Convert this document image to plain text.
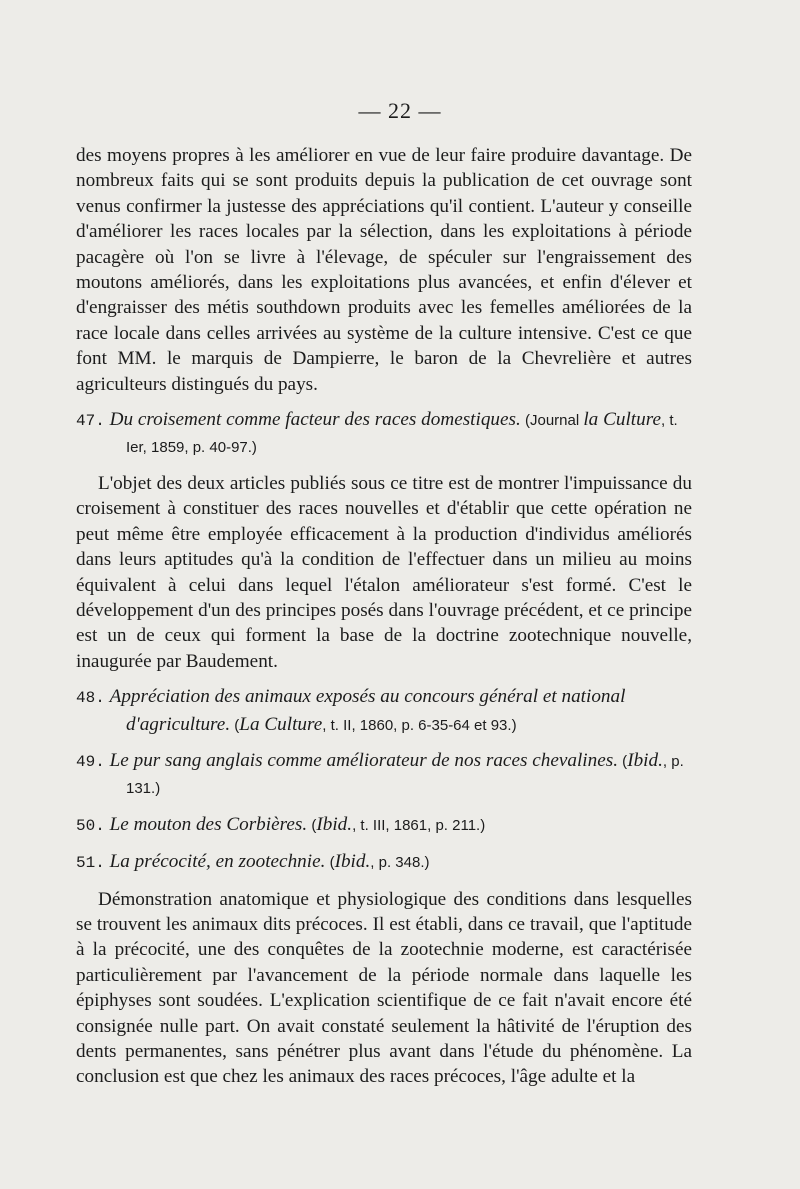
— 22 —

des moyens propres à les améliorer en vue de leur faire produire davantage. De nombreux faits qui se sont produits depuis la publication de cet ouvrage sont venus confirmer la justesse des appréciations qu'il contient. L'auteur y conseille d'améliorer les races locales par la sélection, dans les exploitations à période pacagère où l'on se livre à l'élevage, de spéculer sur l'engraissement des moutons améliorés, dans les exploitations plus avancées, et enfin d'élever et d'engraisser des métis southdown produits avec les femelles améliorées de la race locale dans celles arrivées au système de la culture intensive. C'est ce que font MM. le marquis de Dampierre, le baron de la Chevrelière et autres agriculteurs distingués du pays.

47. Du croisement comme facteur des races domestiques. (Journal la Culture, t. Ier, 1859, p. 40-97.)

L'objet des deux articles publiés sous ce titre est de montrer l'impuissance du croisement à constituer des races nouvelles et d'établir que cette opération ne peut même être employée efficacement à la production d'individus améliorés dans leurs aptitudes qu'à la condition de l'effectuer dans un milieu au moins équivalent à celui dans lequel l'étalon améliorateur s'est formé. C'est le développement d'un des principes posés dans l'ouvrage précédent, et ce principe est un de ceux qui forment la base de la doctrine zootechnique nouvelle, inaugurée par Baudement.

48. Appréciation des animaux exposés au concours général et national d'agriculture. (La Culture, t. II, 1860, p. 6-35-64 et 93.)

49. Le pur sang anglais comme améliorateur de nos races chevalines. (Ibid., p. 131.)

50. Le mouton des Corbières. (Ibid., t. III, 1861, p. 211.)

51. La précocité, en zootechnie. (Ibid., p. 348.)

Démonstration anatomique et physiologique des conditions dans lesquelles se trouvent les animaux dits précoces. Il est établi, dans ce travail, que l'aptitude à la précocité, une des conquêtes de la zootechnie moderne, est caractérisée particulièrement par l'avancement de la période normale dans laquelle les épiphyses sont soudées. L'explication scientifique de ce fait n'avait encore été consignée nulle part. On avait constaté seulement la hâtivité de l'éruption des dents permanentes, sans pénétrer plus avant dans l'étude du phénomène. La conclusion est que chez les animaux des races précoces, l'âge adulte et la
